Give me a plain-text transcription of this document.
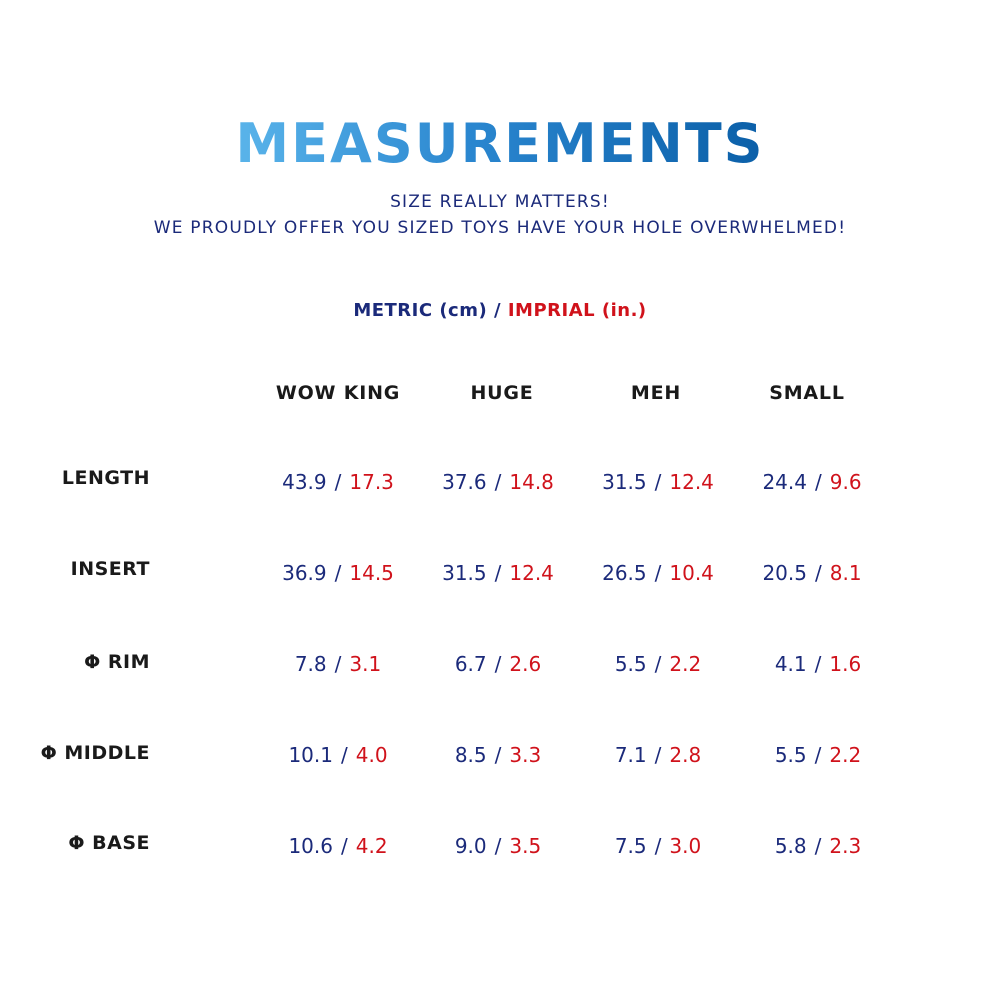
MEASUREMENTS

SIZE REALLY MATTERS!

WE PROUDLY OFFER YOU SIZED TOYS HAVE YOUR HOLE OVERWHELMED!

METRIC (cm) / IMPRIAL (in.)
WOW KING	HUGE	MEH	SMALL
LENGTH	43.9 / 17.3	37.6 / 14.8	31.5 / 12.4	24.4 / 9.6
INSERT	36.9 / 14.5	31.5 / 12.4	26.5 / 10.4	20.5 / 8.1
Φ RIM	7.8 / 3.1	6.7 / 2.6	5.5 / 2.2	4.1 / 1.6
Φ MIDDLE	10.1 / 4.0	8.5 / 3.3	7.1 / 2.8	5.5 / 2.2
Φ BASE	10.6 / 4.2	9.0 / 3.5	7.5 / 3.0	5.8 / 2.3
